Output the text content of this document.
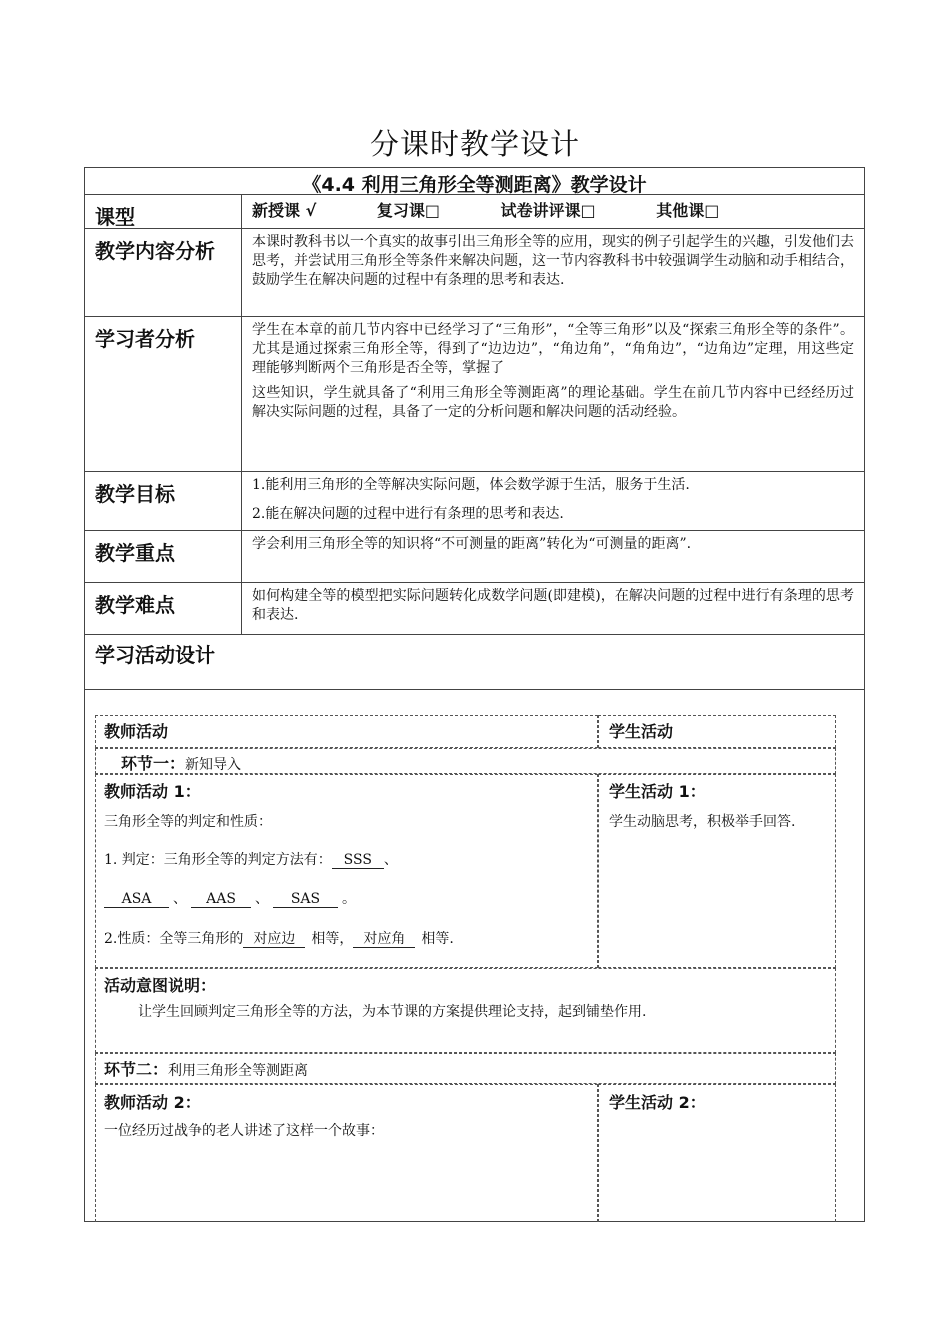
分课时教学设计
《4.4 利用三角形全等测距离》教学设计
课型	新授课 √	复习课□	试卷讲评课□	其他课□
教学内容分析	本课时教科书以一个真实的故事引出三角形全等的应用，现实的例子引起学生的兴趣，引发他们去思考，并尝试用三角形全等条件来解决问题，这一节内容教科书中较强调学生动脑和动手相结合，鼓励学生在解决问题的过程中有条理的思考和表达.
学习者分析	学生在本章的前几节内容中已经学习了“三角形”，“全等三角形”以及“探索三角形全等的条件”。尤其是通过探索三角形全等，得到了“边边边”，“角边角”，“角角边”，“边角边”定理，用这些定理能够判断两个三角形是否全等，掌握了

这些知识，学生就具备了“利用三角形全等测距离”的理论基础。学生在前几节内容中已经经历过解决实际问题的过程，具备了一定的分析问题和解决问题的活动经验。

教学目标	1.能利用三角形的全等解决实际问题，体会数学源于生活，服务于生活.

2.能在解决问题的过程中进行有条理的思考和表达.

教学重点	学会利用三角形全等的知识将“不可测量的距离”转化为“可测量的距离”.
教学难点	如何构建全等的模型把实际问题转化成数学问题(即建模)，在解决问题的过程中进行有条理的思考和表达.
学习活动设计
教师活动	学生活动
环节一：新知导入
教师活动 1：
三角形全等的判定和性质：
1. 判定：三角形全等的判定方法有： SSS 、
ASA 、 AAS 、 SAS 。
2.性质：全等三角形的 对应边 相等， 对应角 相等.
学生活动 1：
学生动脑思考，积极举手回答.
活动意图说明：
让学生回顾判定三角形全等的方法，为本节课的方案提供理论支持，起到铺垫作用.
环节二：利用三角形全等测距离
教师活动 2：
一位经历过战争的老人讲述了这样一个故事：
学生活动 2：
